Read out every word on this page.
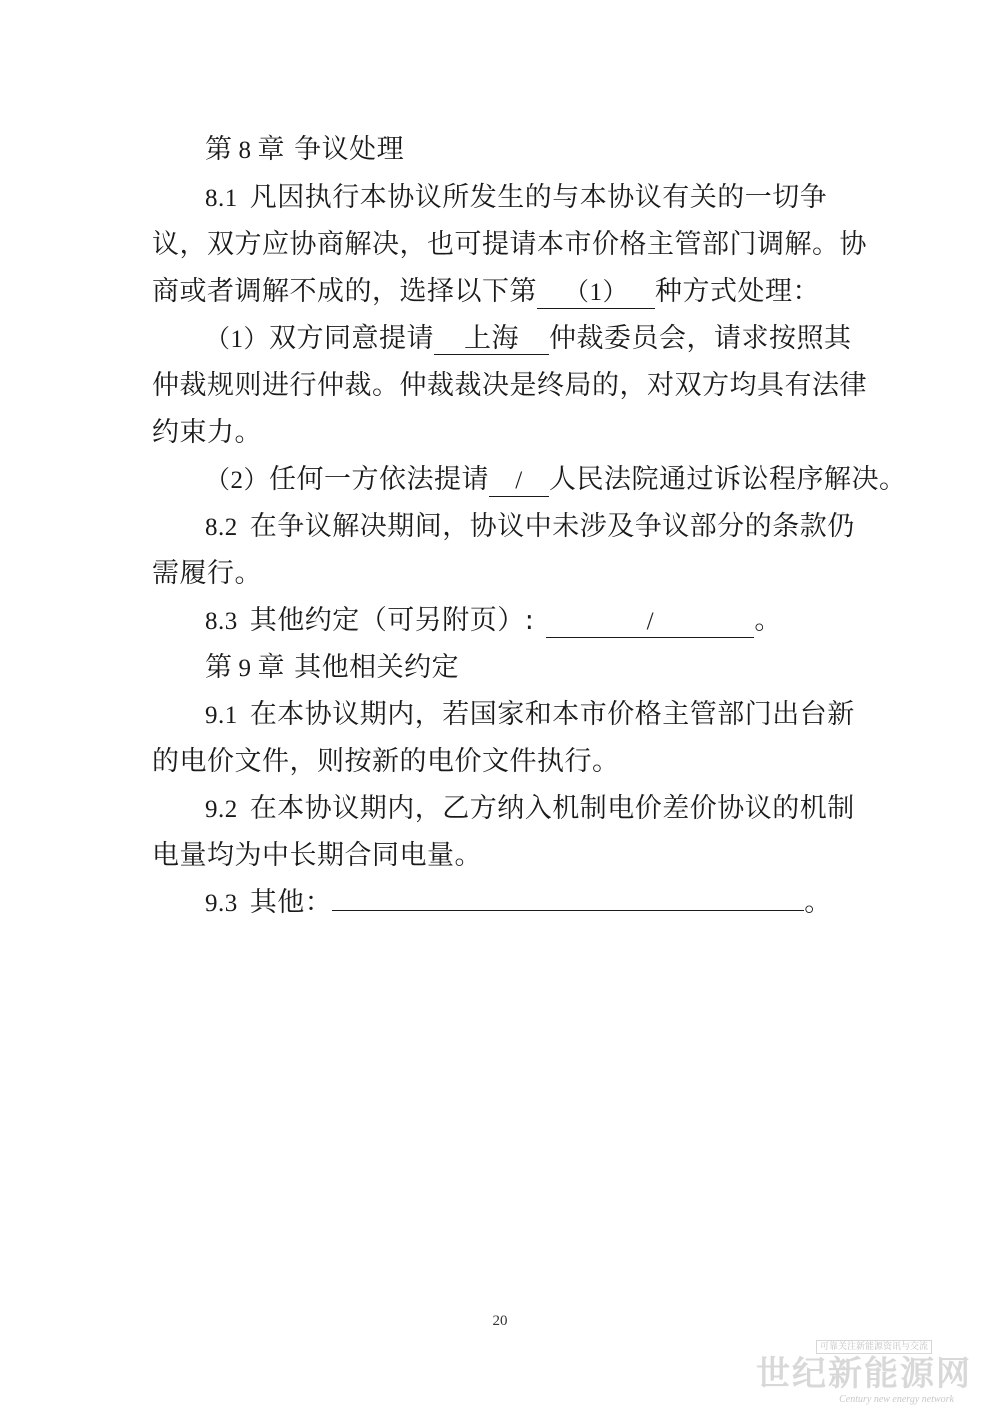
第 8 章 争议处理
8.1 凡因执行本协议所发生的与本协议有关的一切争
议，双方应协商解决，也可提请本市价格主管部门调解。协
商或者调解不成的，选择以下第 （1） 种方式处理：
（1）双方同意提请 上海 仲裁委员会，请求按照其
仲裁规则进行仲裁。仲裁裁决是终局的，对双方均具有法律
约束力。
（2）任何一方依法提请 / 人民法院通过诉讼程序解决。
8.2 在争议解决期间，协议中未涉及争议部分的条款仍
需履行。
8.3 其他约定（可另附页）:	/	。
第 9 章 其他相关约定
9.1 在本协议期内，若国家和本市价格主管部门出台新
的电价文件，则按新的电价文件执行。
9.2 在本协议期内，乙方纳入机制电价差价协议的机制
电量均为中长期合同电量。
9.3 其他：	。
20
可靠关注新能源资讯与交流
世纪新能源网
Century new energy network
